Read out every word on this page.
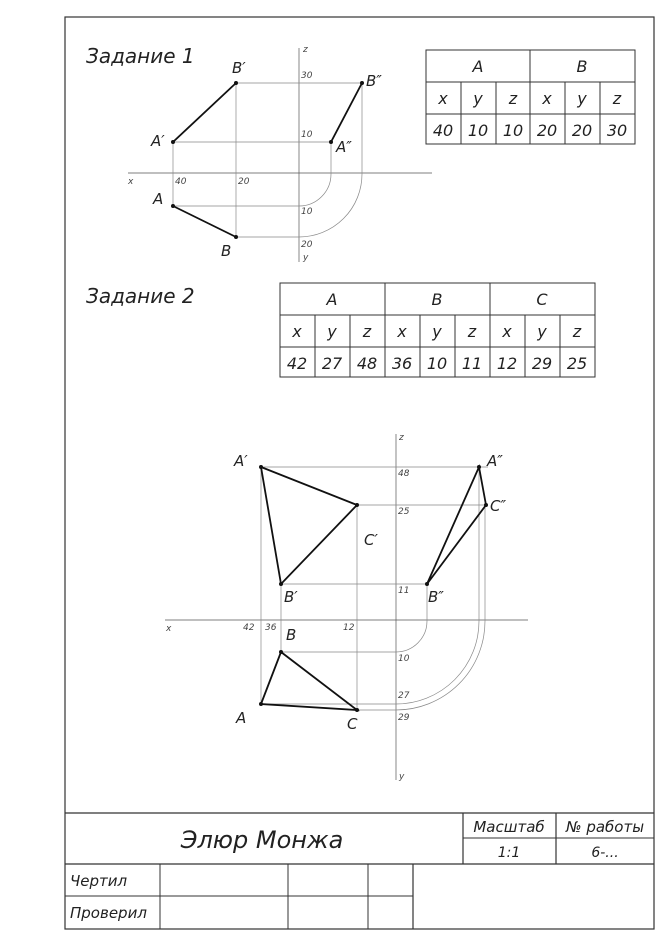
Задание 1	A	B
x y z x y z
40 10 10 20 20 30
x
z
y
A′
B′
A″
B″
A
B
40	20
30
10
10
20
Задание 2	A	B	C
x y z x y z x y z
42 27 48 36 10 11 12 29 25
x
z
y
A′
B′
C′
A″
B″
C″
A
B
C
42 36	12
48
25
11
10
27
29
Элюр Монжа	Масштаб
1:1
№ работы
6-...
Чертил
Проверил
